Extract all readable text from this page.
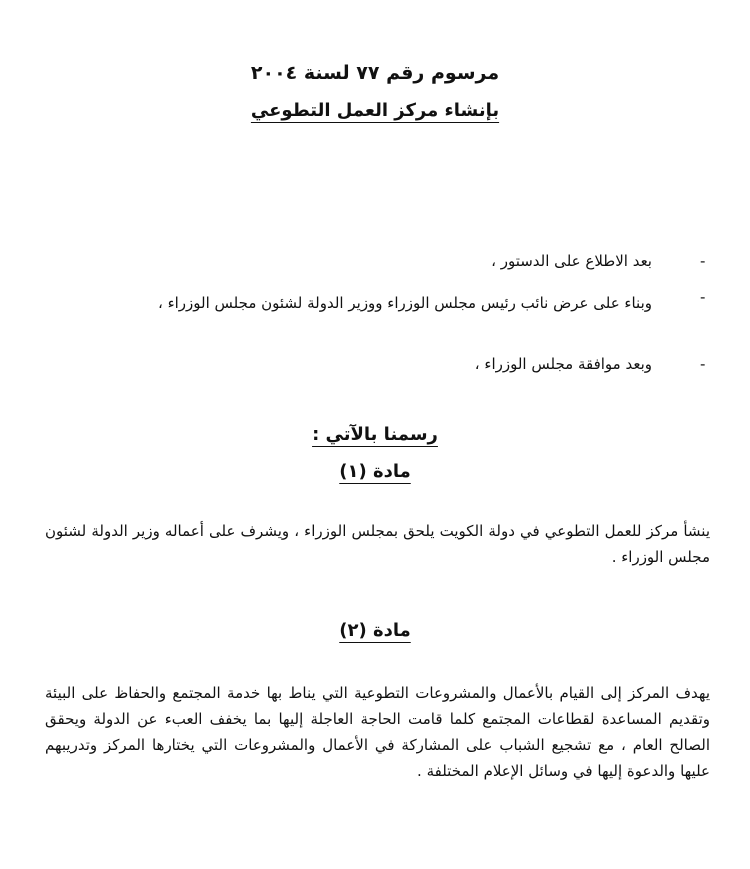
مرسوم رقم ٧٧ لسنة ٢٠٠٤
بإنشاء مركز العمل التطوعي
-
بعد الاطلاع على الدستور ،
-
وبناء على عرض نائب رئيس مجلس الوزراء ووزير الدولة لشئون مجلس الوزراء ،
-
وبعد موافقة مجلس الوزراء ،
رسمنا بالآتي :
مادة (١)
ينشأ مركز للعمل التطوعي في دولة الكويت يلحق بمجلس الوزراء ، ويشرف على أعماله وزير الدولة لشئون مجلس الوزراء .
مادة (٢)
يهدف المركز إلى القيام بالأعمال والمشروعات التطوعية التي يناط بها خدمة المجتمع والحفاظ على البيئة وتقديم المساعدة لقطاعات المجتمع كلما قامت الحاجة العاجلة إليها بما يخفف العبء عن الدولة ويحقق الصالح العام ، مع تشجيع الشباب على المشاركة في الأعمال والمشروعات التي يختارها المركز وتدريبهم عليها والدعوة إليها في وسائل الإعلام المختلفة .
